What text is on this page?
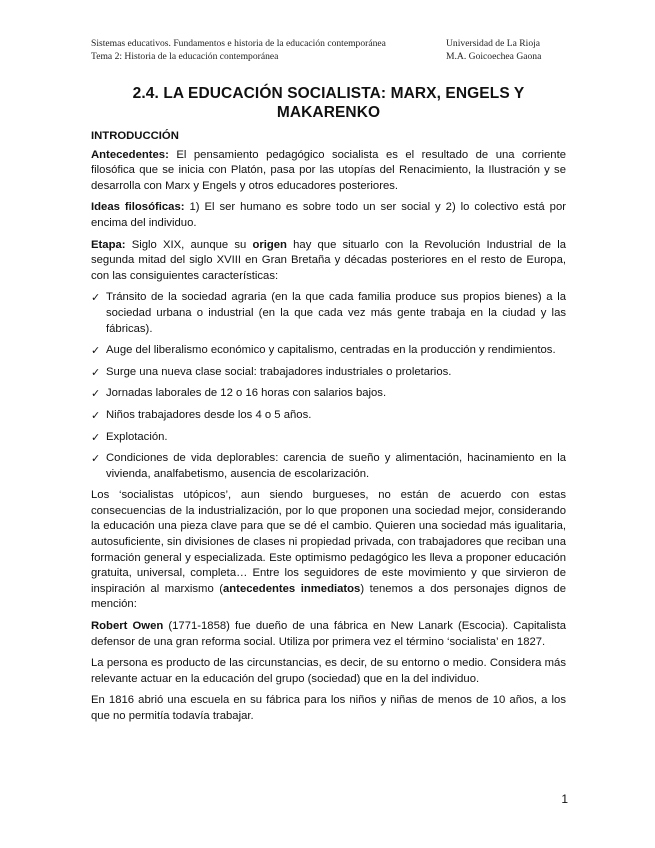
Sistemas educativos. Fundamentos e historia de la educación contemporánea	Universidad de La Rioja
Tema 2: Historia de la educación contemporánea	M.A. Goicoechea Gaona
2.4. LA EDUCACIÓN SOCIALISTA: MARX, ENGELS Y MAKARENKO
INTRODUCCIÓN

Antecedentes: El pensamiento pedagógico socialista es el resultado de una corriente filosófica que se inicia con Platón, pasa por las utopías del Renacimiento, la Ilustración y se desarrolla con Marx y Engels y otros educadores posteriores.

Ideas filosóficas: 1) El ser humano es sobre todo un ser social y 2) lo colectivo está por encima del individuo.

Etapa: Siglo XIX, aunque su origen hay que situarlo con la Revolución Industrial de la segunda mitad del siglo XVIII en Gran Bretaña y décadas posteriores en el resto de Europa, con las consiguientes características:

✓ Tránsito de la sociedad agraria (en la que cada familia produce sus propios bienes) a la sociedad urbana o industrial (en la que cada vez más gente trabaja en la ciudad y las fábricas).
✓ Auge del liberalismo económico y capitalismo, centradas en la producción y rendimientos.
✓ Surge una nueva clase social: trabajadores industriales o proletarios.
✓ Jornadas laborales de 12 o 16 horas con salarios bajos.
✓ Niños trabajadores desde los 4 o 5 años.
✓ Explotación.
✓ Condiciones de vida deplorables: carencia de sueño y alimentación, hacinamiento en la vivienda, analfabetismo, ausencia de escolarización.

Los ‘socialistas utópicos’, aun siendo burgueses, no están de acuerdo con estas consecuencias de la industrialización, por lo que proponen una sociedad mejor, considerando la educación una pieza clave para que se dé el cambio. Quieren una sociedad más igualitaria, autosuficiente, sin divisiones de clases ni propiedad privada, con trabajadores que reciban una formación general y especializada. Este optimismo pedagógico les lleva a proponer educación gratuita, universal, completa… Entre los seguidores de este movimiento y que sirvieron de inspiración al marxismo (antecedentes inmediatos) tenemos a dos personajes dignos de mención:

Robert Owen (1771-1858) fue dueño de una fábrica en New Lanark (Escocia). Capitalista defensor de una gran reforma social. Utiliza por primera vez el término ‘socialista’ en 1827.

La persona es producto de las circunstancias, es decir, de su entorno o medio. Considera más relevante actuar en la educación del grupo (sociedad) que en la del individuo.

En 1816 abrió una escuela en su fábrica para los niños y niñas de menos de 10 años, a los que no permitía todavía trabajar.

1
